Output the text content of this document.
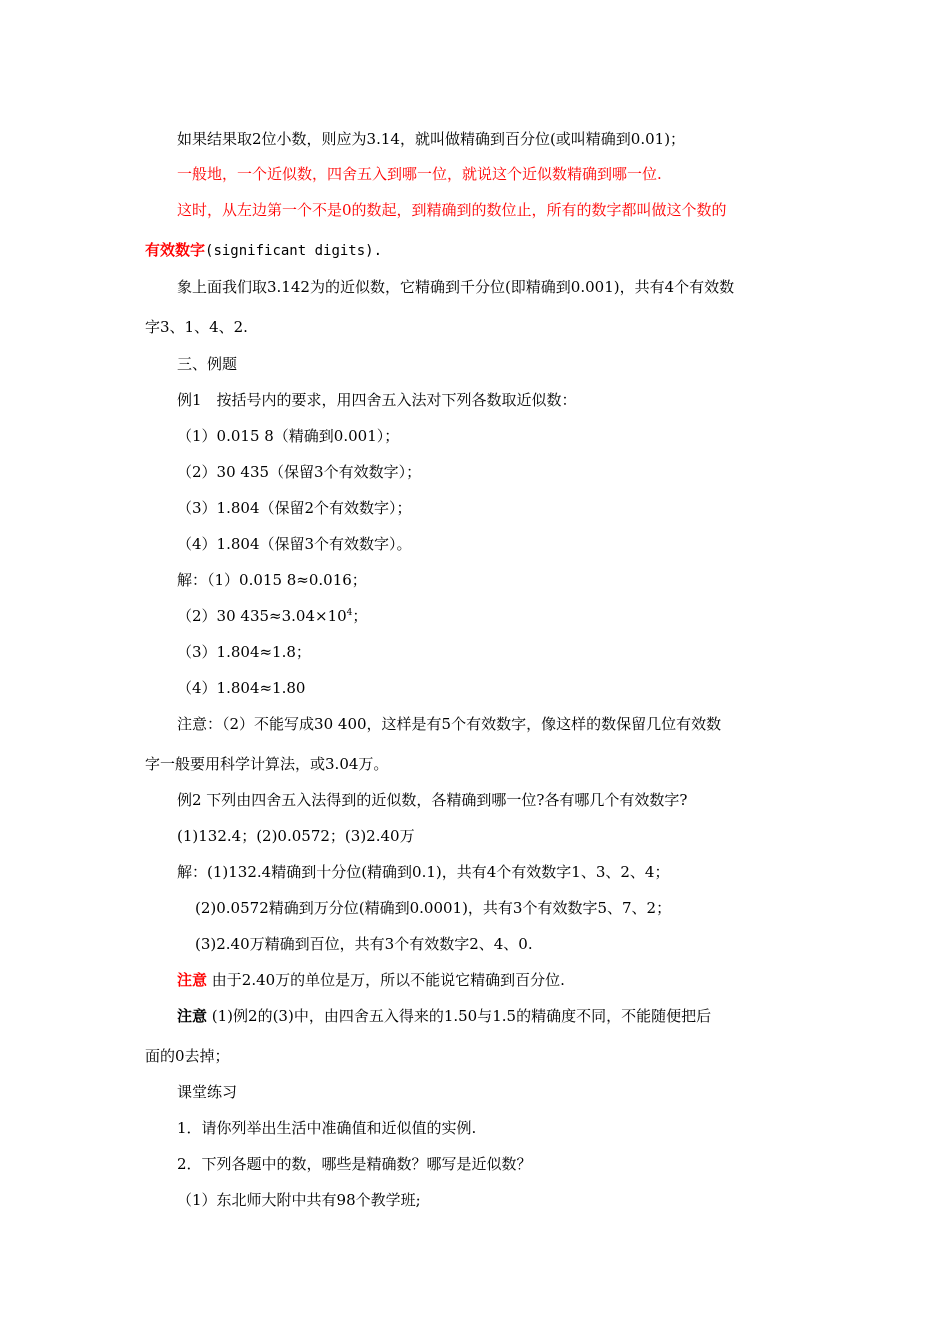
如果结果取2位小数，则应为3.14，就叫做精确到百分位(或叫精确到0.01)；
一般地，一个近似数，四舍五入到哪一位，就说这个近似数精确到哪一位.
这时，从左边第一个不是0的数起，到精确到的数位止，所有的数字都叫做这个数的
有效数字(significant digits).
象上面我们取3.142为的近似数，它精确到千分位(即精确到0.001)，共有4个有效数
字3、1、4、2.
三、例题
例1　按括号内的要求，用四舍五入法对下列各数取近似数：
（1）0.015 8（精确到0.001）；
（2）30 435（保留3个有效数字）；
（3）1.804（保留2个有效数字）；
（4）1.804（保留3个有效数字）。
解：（1）0.015 8≈0.016；
（2）30 $435\approx 3.04\times 10^4$；
（3）1.804≈1.8；
（4）1.804≈1.80
注意：（2）不能写成30 400，这样是有5个有效数字，像这样的数保留几位有效数
字一般要用科学计算法，或3.04万。
例2 下列由四舍五入法得到的近似数，各精确到哪一位?各有哪几个有效数字?
(1)132.4；(2)0.0572；(3)2.40万
解：(1)132.4精确到十分位(精确到0.1)，共有4个有效数字1、3、2、4；
(2)0.0572精确到万分位(精确到0.0001)，共有3个有效数字5、7、2；
(3)2.40万精确到百位，共有3个有效数字2、4、0.
注意 由于2.40万的单位是万，所以不能说它精确到百分位.
注意 (1)例2的(3)中，由四舍五入得来的1.50与1.5的精确度不同，不能随便把后
面的0去掉；
课堂练习
1．请你列举出生活中准确值和近似值的实例.
2．下列各题中的数，哪些是精确数？哪写是近似数？
（1）东北师大附中共有98个教学班;
